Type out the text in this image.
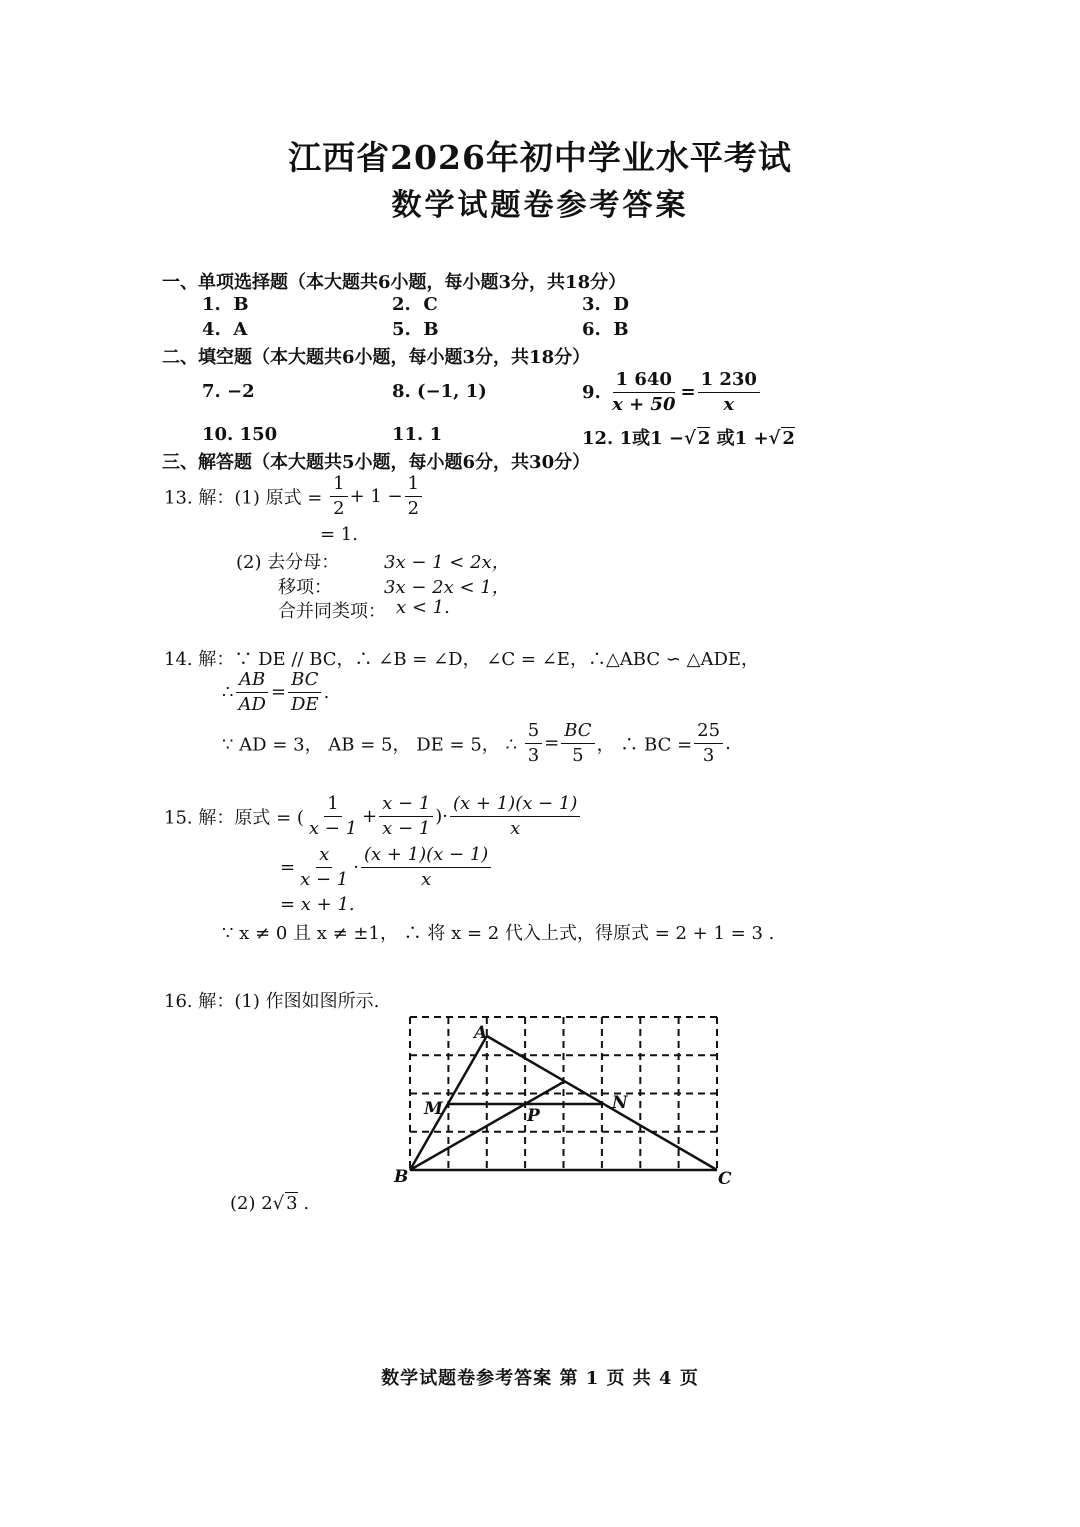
江西省2026年初中学业水平考试
数学试题卷参考答案
一、单项选择题（本大题共6小题，每小题3分，共18分）
1. B	2. C	3. D
4. A	5. B	6. B
二、填空题（本大题共6小题，每小题3分，共18分）
7. −2	8. (−1, 1)	9. $\frac{1 640}{x + 50} = \frac{1 230}{x}$
10. 150	11. 1	12. 1或1 −√ 2 或1 +√ 2
三、解答题（本大题共5小题，每小题6分，共30分）
13. 解：(1) 原式 = $\frac{1}{2} + 1 - \frac{1}{2}$
= 1.
(2) 去分母： 3x − 1 < 2x，
移项：	3x − 2x < 1，
合并同类项： x < 1.
14. 解：∵ DE // BC，∴ ∠B = ∠D， ∠C = ∠E，∴△ABC ∽ △ADE，
∴ $\frac{AB}{AD} = \frac{BC}{DE}$ .
∵ AD = 3， AB = 5， DE = 5， ∴ $\frac{5}{3} = \frac{BC}{5}$ ， ∴ BC = $\frac{25}{3}$ .
15. 解：原式 = ( $\frac{1}{x - 1} + \frac{x - 1}{x - 1}$ )· $\frac{(x + 1)(x - 1)}{x}$
= $\frac{x}{x - 1} \cdot \frac{(x + 1)(x - 1)}{x}$
= x + 1.
∵ x ≠ 0 且 x ≠ ±1， ∴ 将 x = 2 代入上式，得原式 = 2 + 1 = 3 .
16. 解：(1) 作图如图所示.
A
B	C
M	N
P
(2) 2√ 3 .
数学试题卷参考答案 第 1 页 共 4 页
